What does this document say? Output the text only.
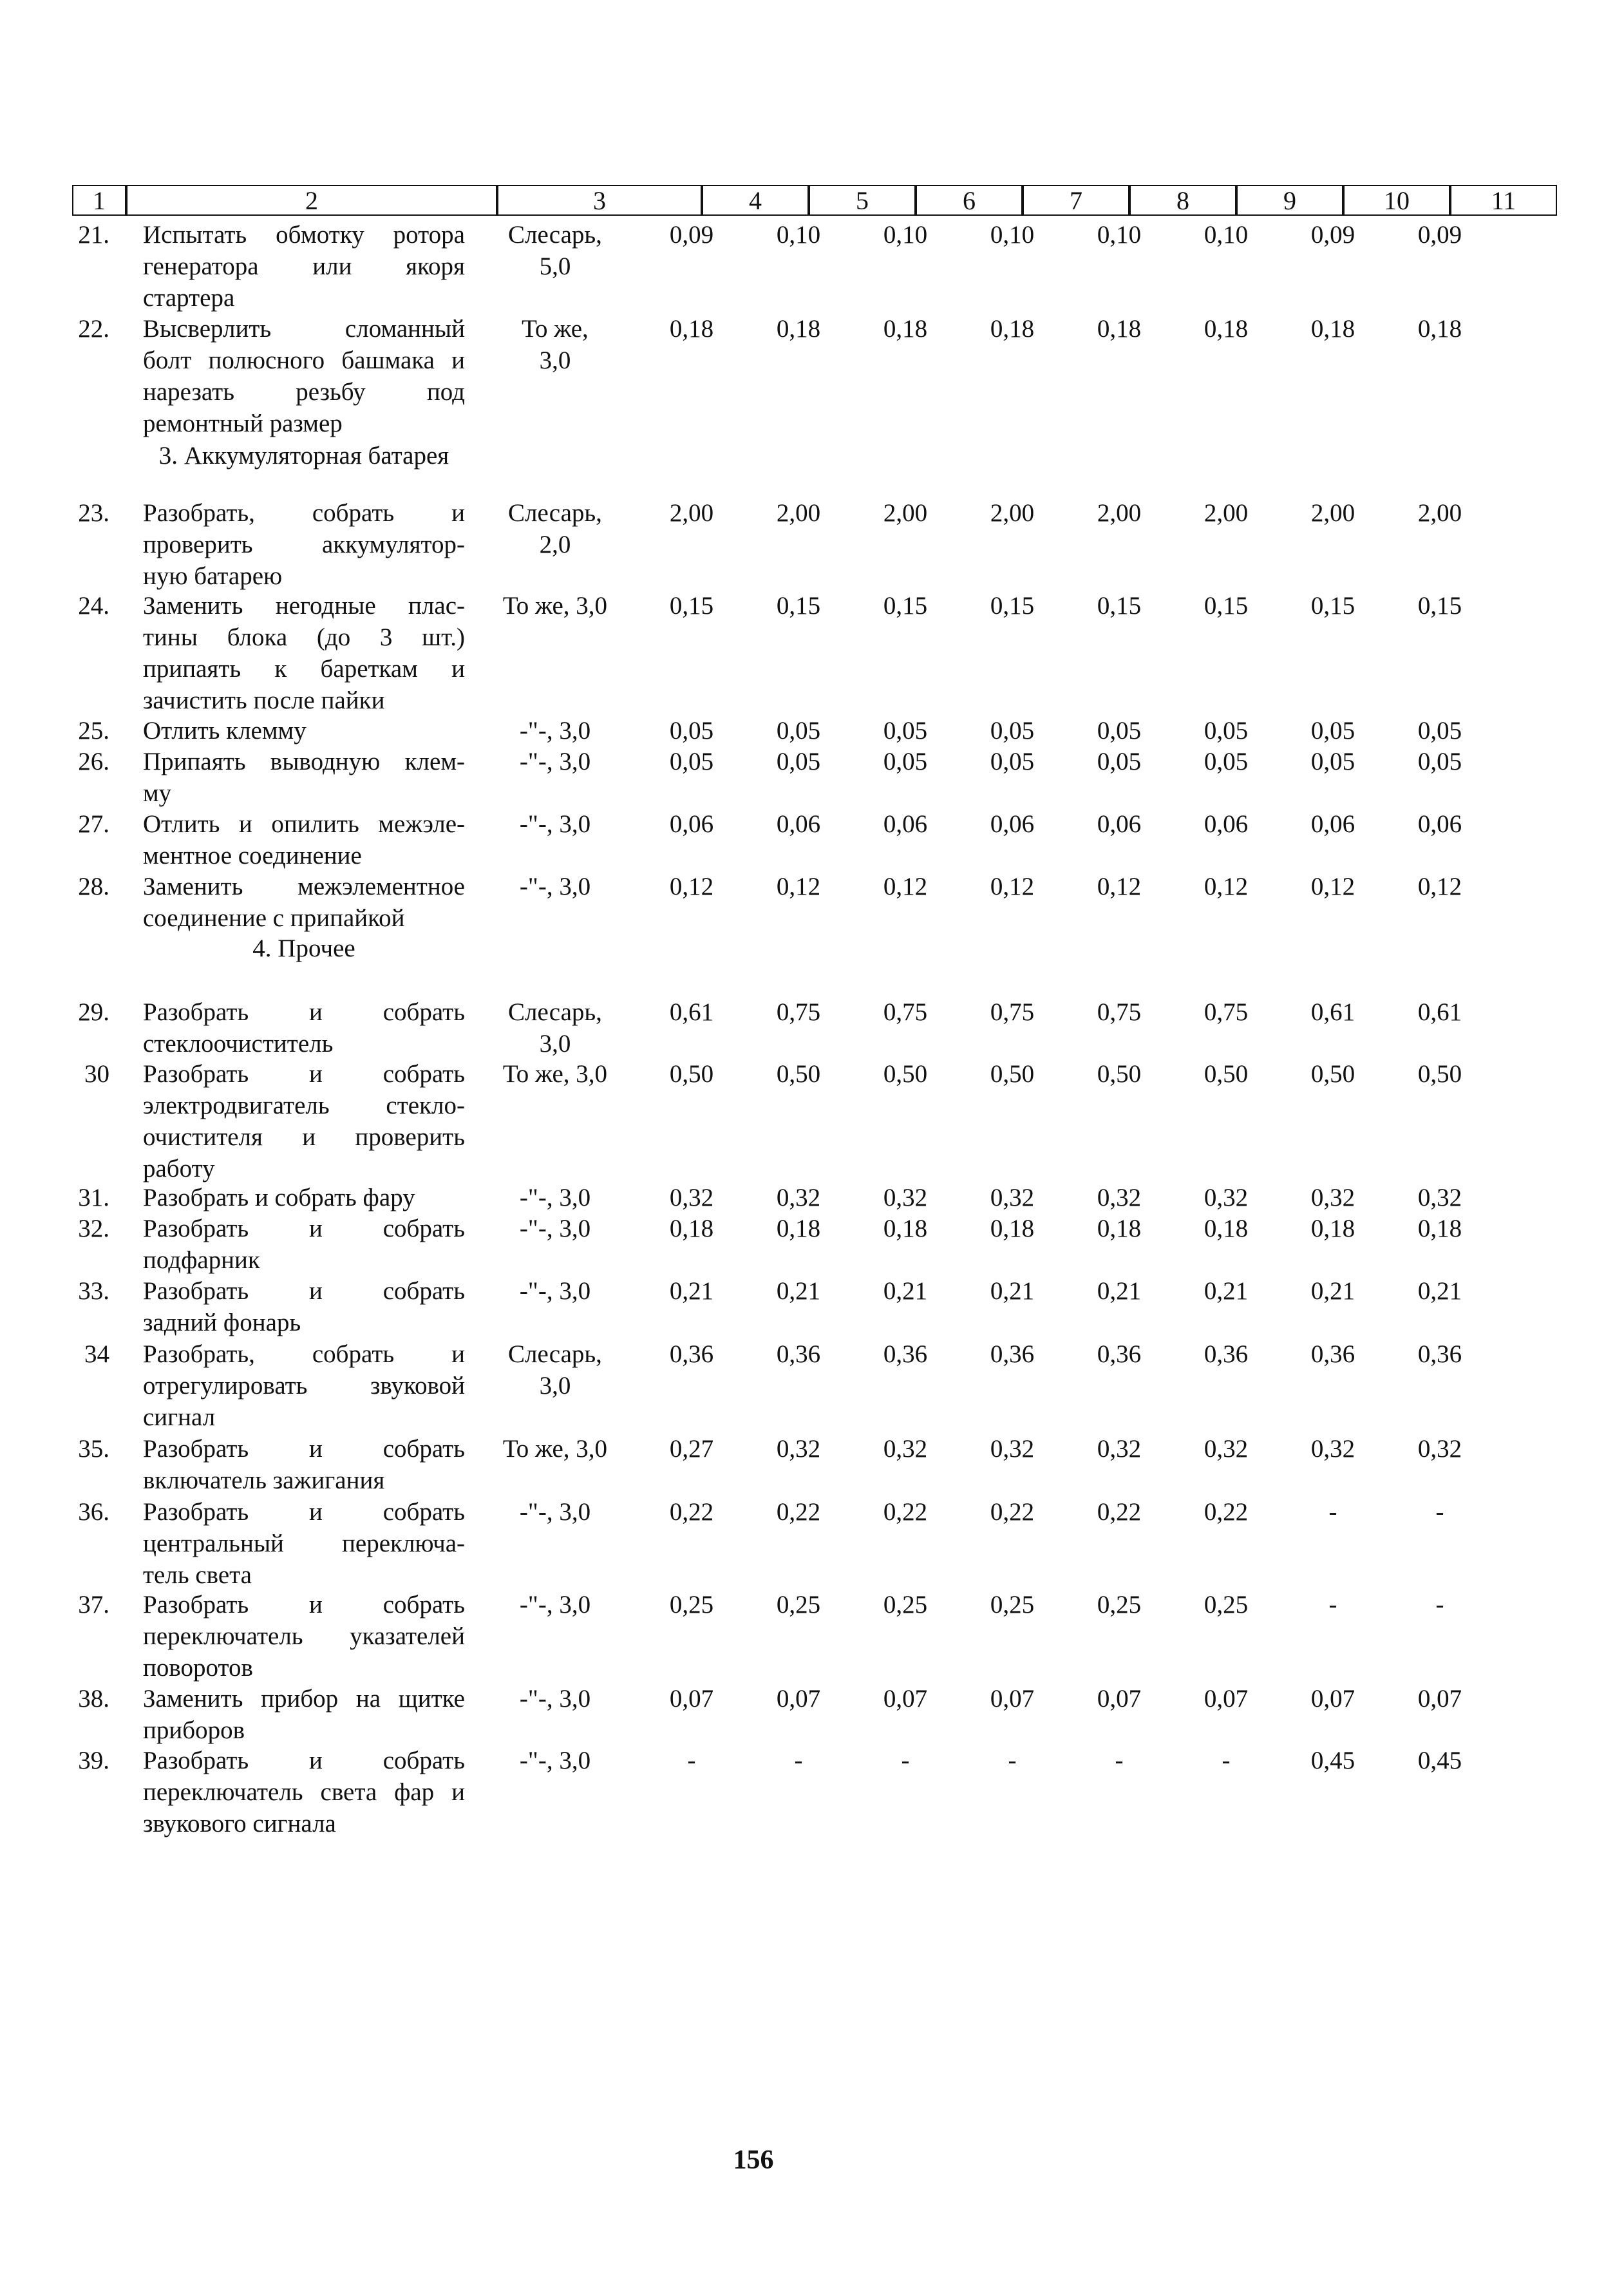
1	2	3	4	5	6	7	8	9	10	11
21. Испытать обмотку ротора
генератора или якоря
стартера
Слесарь,
5,0
0,09	0,10	0,10	0,10	0,10	0,10	0,09	0,09
22. Высверлить сломанный
болт полюсного башмака и
нарезать резьбу под
ремонтный размер
То же,
3,0
0,18	0,18	0,18	0,18	0,18	0,18	0,18	0,18
23. Разобрать, собрать и
проверить аккумулятор-
ную батарею
Слесарь,
2,0
2,00	2,00	2,00	2,00	2,00	2,00	2,00	2,00
24. Заменить негодные плас-
тины блока (до 3 шт.)
припаять к бареткам и
зачистить после пайки
То же, 3,0	0,15	0,15	0,15	0,15	0,15	0,15	0,15	0,15
25. Отлить клемму	-"-, 3,0	0,05	0,05	0,05	0,05	0,05	0,05	0,05	0,05
26. Припаять выводную клем-
му
-"-, 3,0	0,05	0,05	0,05	0,05	0,05	0,05	0,05	0,05
27. Отлить и опилить межэле-
ментное соединение
-"-, 3,0	0,06	0,06	0,06	0,06	0,06	0,06	0,06	0,06
28. Заменить межэлементное
соединение с припайкой
-"-, 3,0	0,12	0,12	0,12	0,12	0,12	0,12	0,12	0,12
29. Разобрать и собрать
стеклоочиститель
Слесарь,
3,0
0,61	0,75	0,75	0,75	0,75	0,75	0,61	0,61
30 Разобрать и собрать
электродвигатель стекло-
очистителя и проверить
работу
То же, 3,0	0,50	0,50	0,50	0,50	0,50	0,50	0,50	0,50
31. Разобрать и собрать фару	-"-, 3,0	0,32	0,32	0,32	0,32	0,32	0,32	0,32	0,32
32. Разобрать и собрать
подфарник
-"-, 3,0	0,18	0,18	0,18	0,18	0,18	0,18	0,18	0,18
33. Разобрать и собрать
задний фонарь
-"-, 3,0	0,21	0,21	0,21	0,21	0,21	0,21	0,21	0,21
34 Разобрать, собрать и
отрегулировать звуковой
сигнал
Слесарь,
3,0
0,36	0,36	0,36	0,36	0,36	0,36	0,36	0,36
35. Разобрать и собрать
включатель зажигания
То же, 3,0	0,27	0,32	0,32	0,32	0,32	0,32	0,32	0,32
36. Разобрать и собрать
центральный переключа-
тель света
-"-, 3,0	0,22	0,22	0,22	0,22	0,22	0,22	-	-
37. Разобрать и собрать
переключатель указателей
поворотов
-"-, 3,0	0,25	0,25	0,25	0,25	0,25	0,25	-	-
38. Заменить прибор на щитке
приборов
-"-, 3,0	0,07	0,07	0,07	0,07	0,07	0,07	0,07	0,07
39. Разобрать и собрать
переключатель света фар и
звукового сигнала
-"-, 3,0	-	-	-	-	-	-	0,45	0,45
3. Аккумуляторная батарея
4. Прочее
156
